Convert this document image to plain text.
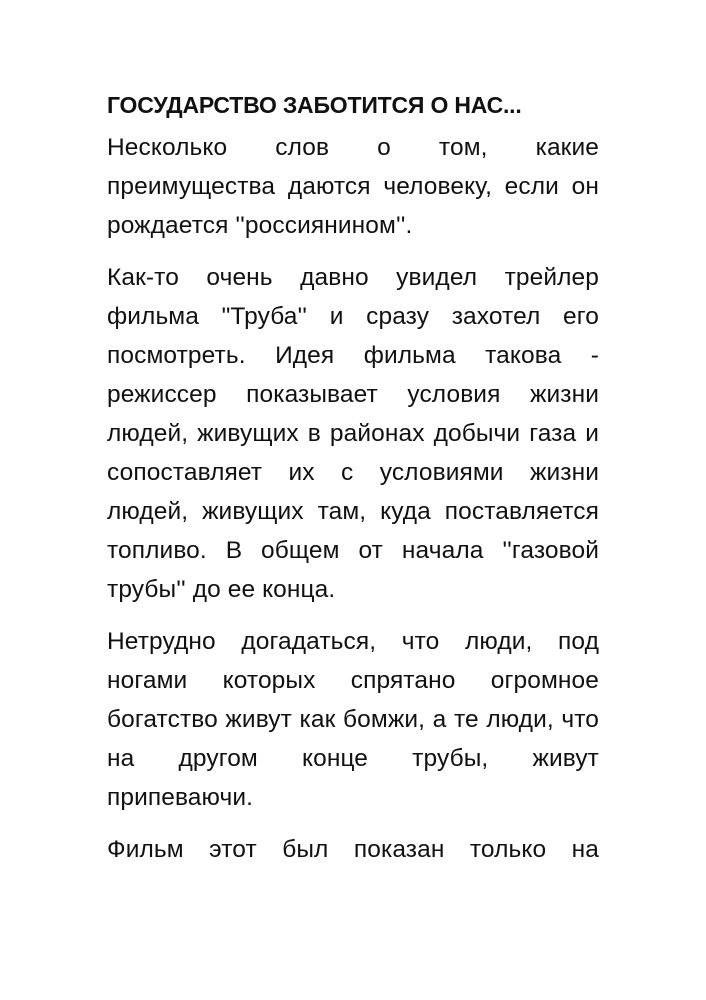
ГОСУДАРСТВО ЗАБОТИТСЯ О НАС...

Несколько слов о том, какие преимущества даются человеку, если он рождается ''россиянином''.

Как-то очень давно увидел трейлер фильма "Труба'' и сразу захотел его посмотреть. Идея фильма такова - режиссер показывает условия жизни людей, живущих в районах добычи газа и сопоставляет их с условиями жизни людей, живущих там, куда поставляется топливо. В общем от начала ''газовой трубы'' до ее конца.

Нетрудно догадаться, что люди, под ногами которых спрятано огромное богатство живут как бомжи, а те люди, что на другом конце трубы, живут припеваючи.

Фильм этот был показан только на
